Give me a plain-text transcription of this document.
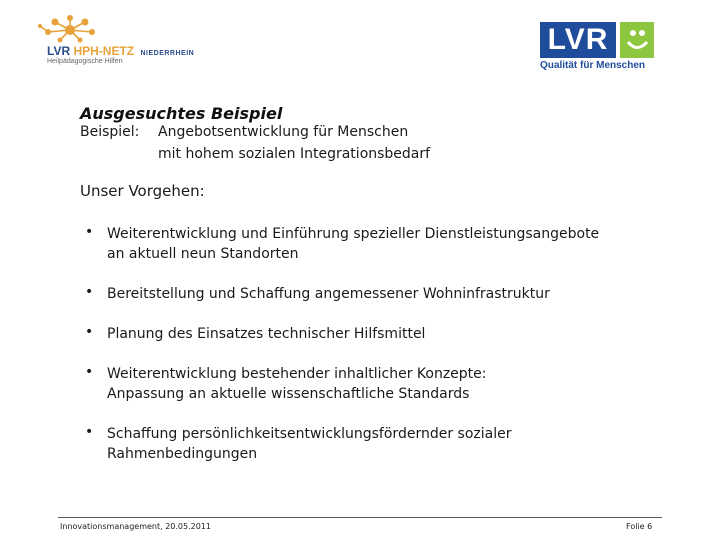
LVR HPH-NETZ NIEDERRHEIN
Heilpädagogische Hilfen
LVR
Qualität für Menschen
Ausgesuchtes Beispiel
Beispiel: Angebotsentwicklung für Menschen
mit hohem sozialen Integrationsbedarf
Unser Vorgehen:
• Weiterentwicklung und Einführung spezieller Dienstleistungsangebote
an aktuell neun Standorten
• Bereitstellung und Schaffung angemessener Wohninfrastruktur
• Planung des Einsatzes technischer Hilfsmittel
• Weiterentwicklung bestehender inhaltlicher Konzepte:
Anpassung an aktuelle wissenschaftliche Standards
• Schaffung persönlichkeitsentwicklungsfördernder sozialer
Rahmenbedingungen
Innovationsmanagement, 20.05.2011	Folie 6
